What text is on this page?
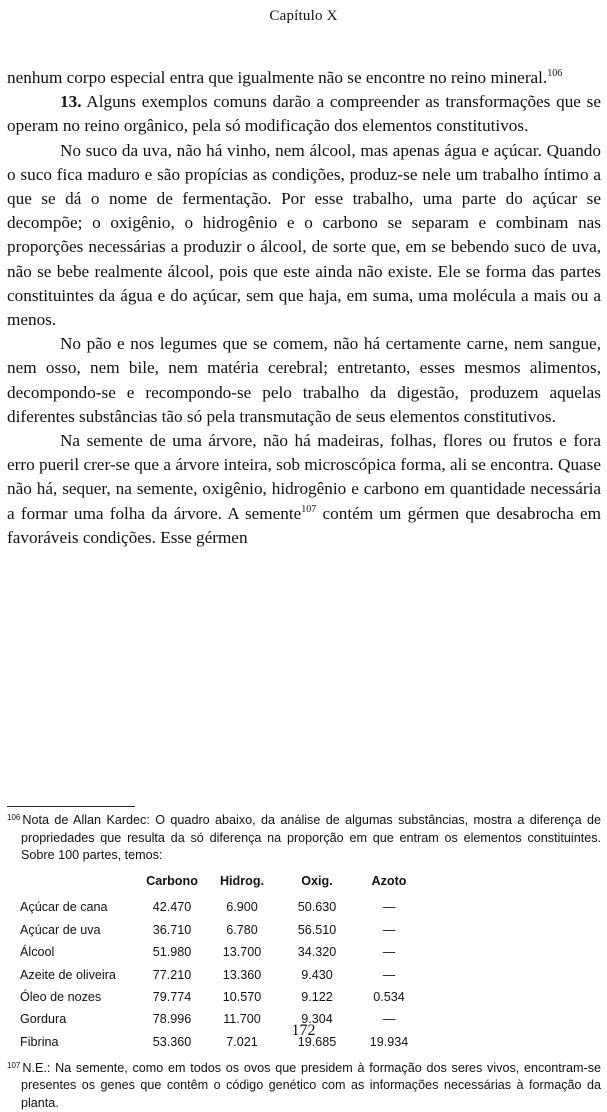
Capítulo X

nenhum corpo especial entra que igualmente não se encontre no reino mineral.$^{106}$

13. Alguns exemplos comuns darão a compreender as transformações que se operam no reino orgânico, pela só modificação dos elementos constitutivos.

No suco da uva, não há vinho, nem álcool, mas apenas água e açúcar. Quando o suco fica maduro e são propícias as condições, produz-se nele um trabalho íntimo a que se dá o nome de fermentação. Por esse trabalho, uma parte do açúcar se decompõe; o oxigênio, o hidrogênio e o carbono se separam e combinam nas proporções necessárias a produzir o álcool, de sorte que, em se bebendo suco de uva, não se bebe realmente álcool, pois que este ainda não existe. Ele se forma das partes constituintes da água e do açúcar, sem que haja, em suma, uma molécula a mais ou a menos.

No pão e nos legumes que se comem, não há certamente carne, nem sangue, nem osso, nem bile, nem matéria cerebral; entretanto, esses mesmos alimentos, decompondo-se e recompondo-se pelo trabalho da digestão, produzem aquelas diferentes substâncias tão só pela transmutação de seus elementos constitutivos.

Na semente de uma árvore, não há madeiras, folhas, flores ou frutos e fora erro pueril crer-se que a árvore inteira, sob microscópica forma, ali se encontra. Quase não há, sequer, na semente, oxigênio, hidrogênio e carbono em quantidade necessária a formar uma folha da árvore. A semente$^{107}$ contém um gérmen que desabrocha em favoráveis condições. Esse gérmen

$^{106}$ Nota de Allan Kardec: O quadro abaixo, da análise de algumas substâncias, mostra a diferença de propriedades que resulta da só diferença na proporção em que entram os elementos constituintes. Sobre 100 partes, temos:

	Carbono	Hidrog.	Oxig.	Azoto
Açúcar de cana	42.470	6.900	50.630	—
Açúcar de uva	36.710	6.780	56.510	—
Álcool	51.980	13.700	34.320	—
Azeite de oliveira	77.210	13.360	9.430	—
Óleo de nozes	79.774	10.570	9.122	0.534
Gordura	78.996	11.700	9.304	—
Fibrina	53.360	7.021	19.685	19.934

$^{107}$ N.E.: Na semente, como em todos os ovos que presidem à formação dos seres vivos, encontram-se presentes os genes que contêm o código genético com as informações necessárias à formação da planta.

172
